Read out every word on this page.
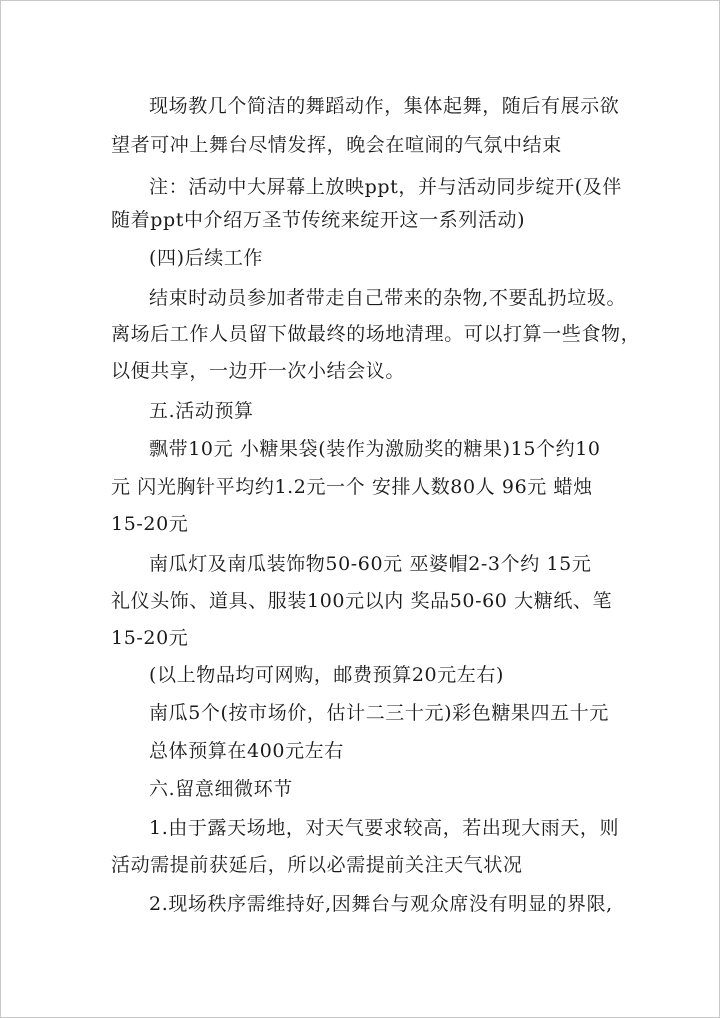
现场教几个简洁的舞蹈动作，集体起舞，随后有展示欲
望者可冲上舞台尽情发挥，晚会在喧闹的气氛中结束
注：活动中大屏幕上放映ppt，并与活动同步绽开(及伴
随着ppt中介绍万圣节传统来绽开这一系列活动)
(四)后续工作
结束时动员参加者带走自己带来的杂物,不要乱扔垃圾。
离场后工作人员留下做最终的场地清理。可以打算一些食物，
以便共享，一边开一次小结会议。
五.活动预算
飘带10元 小糖果袋(装作为激励奖的糖果)15个约10
元 闪光胸针平均约1.2元一个 安排人数80人 96元 蜡烛
15-20元
南瓜灯及南瓜装饰物50-60元 巫婆帽2-3个约 15元
礼仪头饰、道具、服装100元以内 奖品50-60 大糖纸、笔
15-20元
(以上物品均可网购，邮费预算20元左右)
南瓜5个(按市场价，估计二三十元)彩色糖果四五十元
总体预算在400元左右
六.留意细微环节
1.由于露天场地，对天气要求较高，若出现大雨天，则
活动需提前获延后，所以必需提前关注天气状况
2.现场秩序需维持好,因舞台与观众席没有明显的界限,
